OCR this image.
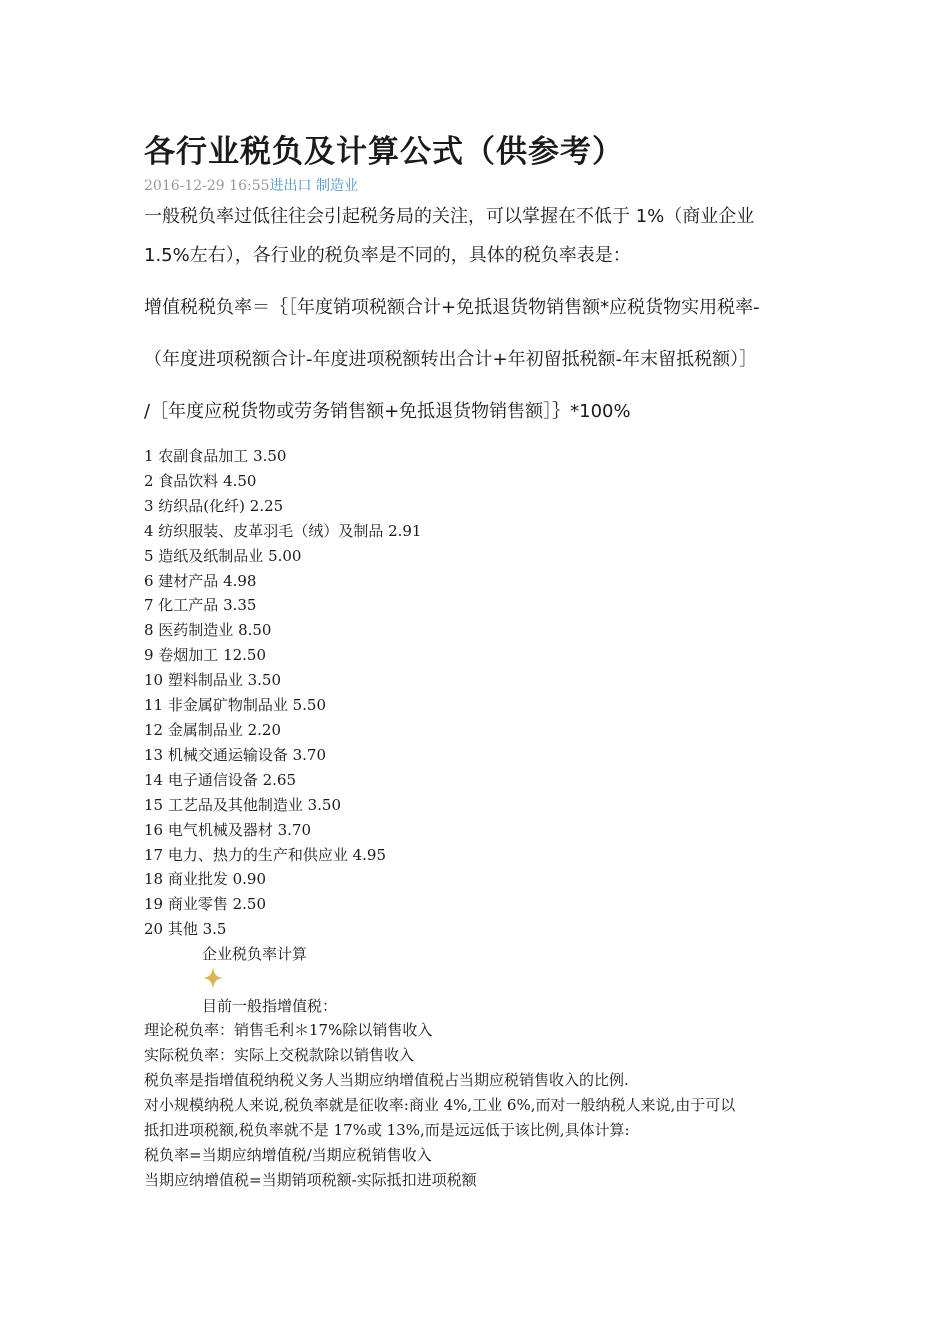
各行业税负及计算公式（供参考）
2016-12-29 16:55进出口 制造业

一般税负率过低往往会引起税务局的关注，可以掌握在不低于 1%（商业企业

1.5%左右），各行业的税负率是不同的，具体的税负率表是：

增值税税负率＝｛［年度销项税额合计+免抵退货物销售额*应税货物实用税率-

（年度进项税额合计-年度进项税额转出合计+年初留抵税额-年末留抵税额）］

/［年度应税货物或劳务销售额+免抵退货物销售额］｝*100%

1 农副食品加工 3.50
2 食品饮料 4.50
3 纺织品(化纤) 2.25
4 纺织服装、皮革羽毛（绒）及制品 2.91
5 造纸及纸制品业 5.00
6 建材产品 4.98
7 化工产品 3.35
8 医药制造业 8.50
9 卷烟加工 12.50
10 塑料制品业 3.50
11 非金属矿物制品业 5.50
12 金属制品业 2.20
13 机械交通运输设备 3.70
14 电子通信设备 2.65
15 工艺品及其他制造业 3.50
16 电气机械及器材 3.70
17 电力、热力的生产和供应业 4.95
18 商业批发 0.90
19 商业零售 2.50
20 其他 3.5
企业税负率计算
目前一般指增值税：
理论税负率：销售毛利＊17%除以销售收入
实际税负率：实际上交税款除以销售收入
税负率是指增值税纳税义务人当期应纳增值税占当期应税销售收入的比例.
对小规模纳税人来说,税负率就是征收率:商业 4%,工业 6%,而对一般纳税人来说,由于可以
抵扣进项税额,税负率就不是 17%或 13%,而是远远低于该比例,具体计算:
税负率=当期应纳增值税/当期应税销售收入
当期应纳增值税=当期销项税额-实际抵扣进项税额
